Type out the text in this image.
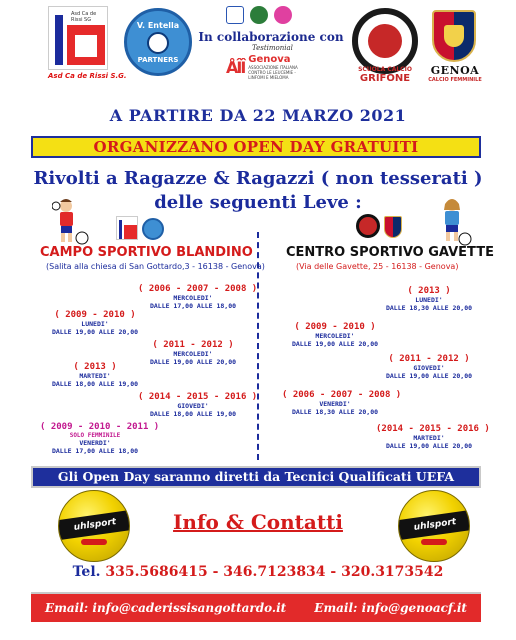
Asd Ca de Rissi SG
Asd Ca de Rissi S.G.
V. Entella
PARTNERS
In collaborazione con
Testimonial
ÅÎÎ Genova
ASSOCIAZIONE ITALIANA CONTRO LE LEUCEMIE - LINFOMI E MIELOMA
SCUOLA CALCIO
GRIFONE
GENOA
CALCIO FEMMINILE
A PARTIRE DA 22 MARZO 2021
ORGANIZZANO OPEN DAY GRATUITI
Rivolti a Ragazze & Ragazzi ( non tesserati )
delle seguenti Leve :
CAMPO SPORTIVO BLANDINO
(Salita alla chiesa di San Gottardo,3 - 16138 - Genova)
( 2006 - 2007 - 2008 )
MERCOLEDI'
DALLE 17,00 ALLE 18,00
( 2009 - 2010 )
LUNEDI'
DALLE 19,00 ALLE 20,00
( 2011 - 2012 )
MERCOLEDI'
DALLE 19,00 ALLE 20,00
( 2013 )
MARTEDI'
DALLE 18,00 ALLE 19,00
( 2014 - 2015 - 2016 )
GIOVEDI'
DALLE 18,00 ALLE 19,00
( 2009 - 2010 - 2011 )
SOLO FEMMINILE
VENERDI'
DALLE 17,00 ALLE 18,00
CENTRO SPORTIVO GAVETTE
(Via delle Gavette, 25 - 16138 - Genova)
( 2013 )
LUNEDI'
DALLE 18,30 ALLE 20,00
( 2009 - 2010 )
MERCOLEDI'
DALLE 19,00 ALLE 20,00
( 2011 - 2012 )
GIOVEDI'
DALLE 19,00 ALLE 20,00
( 2006 - 2007 - 2008 )
VENERDI'
DALLE 18,30 ALLE 20,00
(2014 - 2015 - 2016 )
MARTEDI'
DALLE 19,00 ALLE 20,00
Gli Open Day saranno diretti da Tecnici Qualificati UEFA
uhlsport	uhlsport
Info & Contatti
Tel. 335.5686415 - 346.7123834 - 320.3173542
Email: info@caderissisangottardo.it Email: info@genoacf.it
